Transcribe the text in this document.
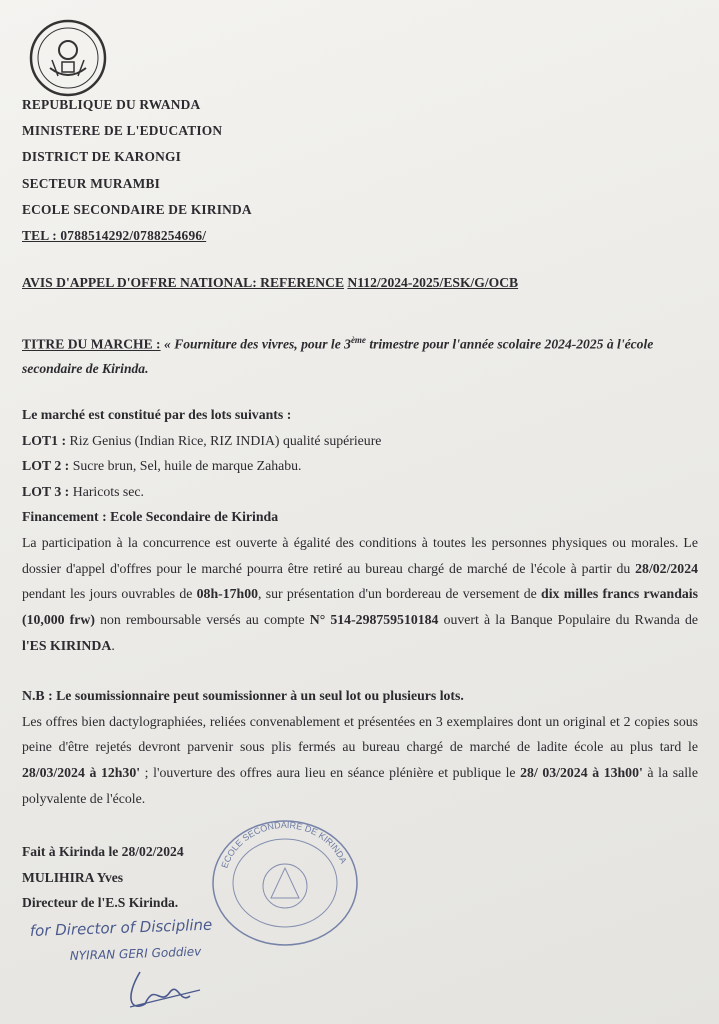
REPUBLIQUE DU RWANDA
MINISTERE DE L'EDUCATION
DISTRICT DE KARONGI
SECTEUR MURAMBI
ECOLE SECONDAIRE DE KIRINDA
TEL : 0788514292/0788254696/
AVIS D'APPEL D'OFFRE NATIONAL: REFERENCE N112/2024-2025/ESK/G/OCB
TITRE DU MARCHE : « Fourniture des vivres, pour le 3ème trimestre pour l'année scolaire 2024-2025 à l'école secondaire de Kirinda.
Le marché est constitué par des lots suivants :
LOT1 : Riz Genius (Indian Rice, RIZ INDIA) qualité supérieure
LOT 2 : Sucre brun, Sel, huile de marque Zahabu.
LOT 3 : Haricots sec.
Financement : Ecole Secondaire de Kirinda
La participation à la concurrence est ouverte à égalité des conditions à toutes les personnes physiques ou morales. Le dossier d'appel d'offres pour le marché pourra être retiré au bureau chargé de marché de l'école à partir du 28/02/2024 pendant les jours ouvrables de 08h-17h00, sur présentation d'un bordereau de versement de dix milles francs rwandais (10,000 frw) non remboursable versés au compte N° 514-298759510184 ouvert à la Banque Populaire du Rwanda de l'ES KIRINDA.
N.B : Le soumissionnaire peut soumissionner à un seul lot ou plusieurs lots.
Les offres bien dactylographiées, reliées convenablement et présentées en 3 exemplaires dont un original et 2 copies sous peine d'être rejetés devront parvenir sous plis fermés au bureau chargé de marché de ladite école au plus tard le 28/03/2024 à 12h30' ; l'ouverture des offres aura lieu en séance plénière et publique le 28/ 03/2024 à 13h00' à la salle polyvalente de l'école.
Fait à Kirinda le 28/02/2024
MULIHIRA Yves
Directeur de l'E.S Kirinda.
ECOLE SECONDAIRE DE KIRINDA
for Director of Discipline
NYIRAN GERI Goddiev
